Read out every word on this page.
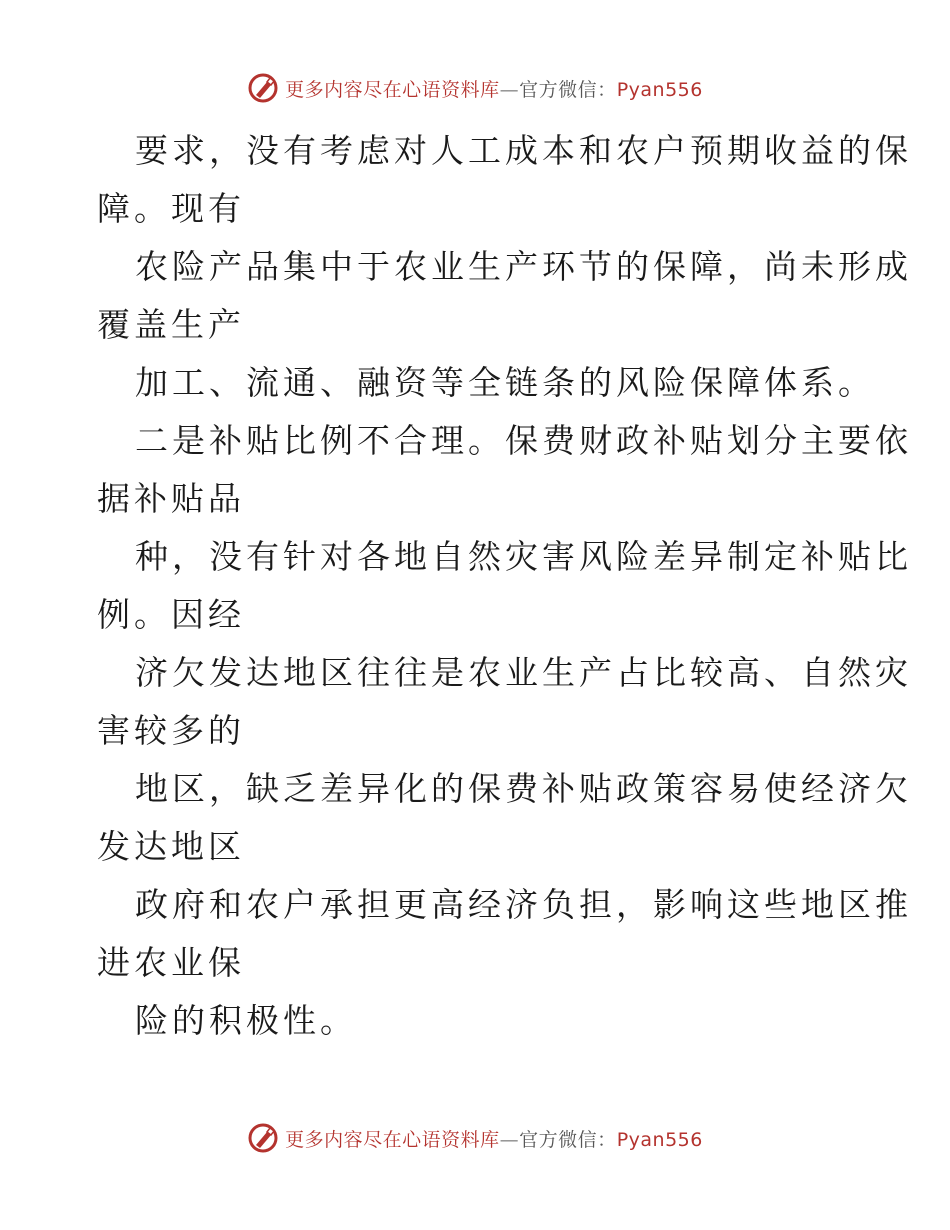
更多内容尽在心语资料库—官方微信：Pyan556
要求，没有考虑对人工成本和农户预期收益的保
障。现有
农险产品集中于农业生产环节的保障，尚未形成
覆盖生产
加工、流通、融资等全链条的风险保障体系。
二是补贴比例不合理。保费财政补贴划分主要依
据补贴品
种，没有针对各地自然灾害风险差异制定补贴比
例。因经
济欠发达地区往往是农业生产占比较高、自然灾
害较多的
地区，缺乏差异化的保费补贴政策容易使经济欠
发达地区
政府和农户承担更高经济负担，影响这些地区推
进农业保
险的积极性。
更多内容尽在心语资料库—官方微信：Pyan556
